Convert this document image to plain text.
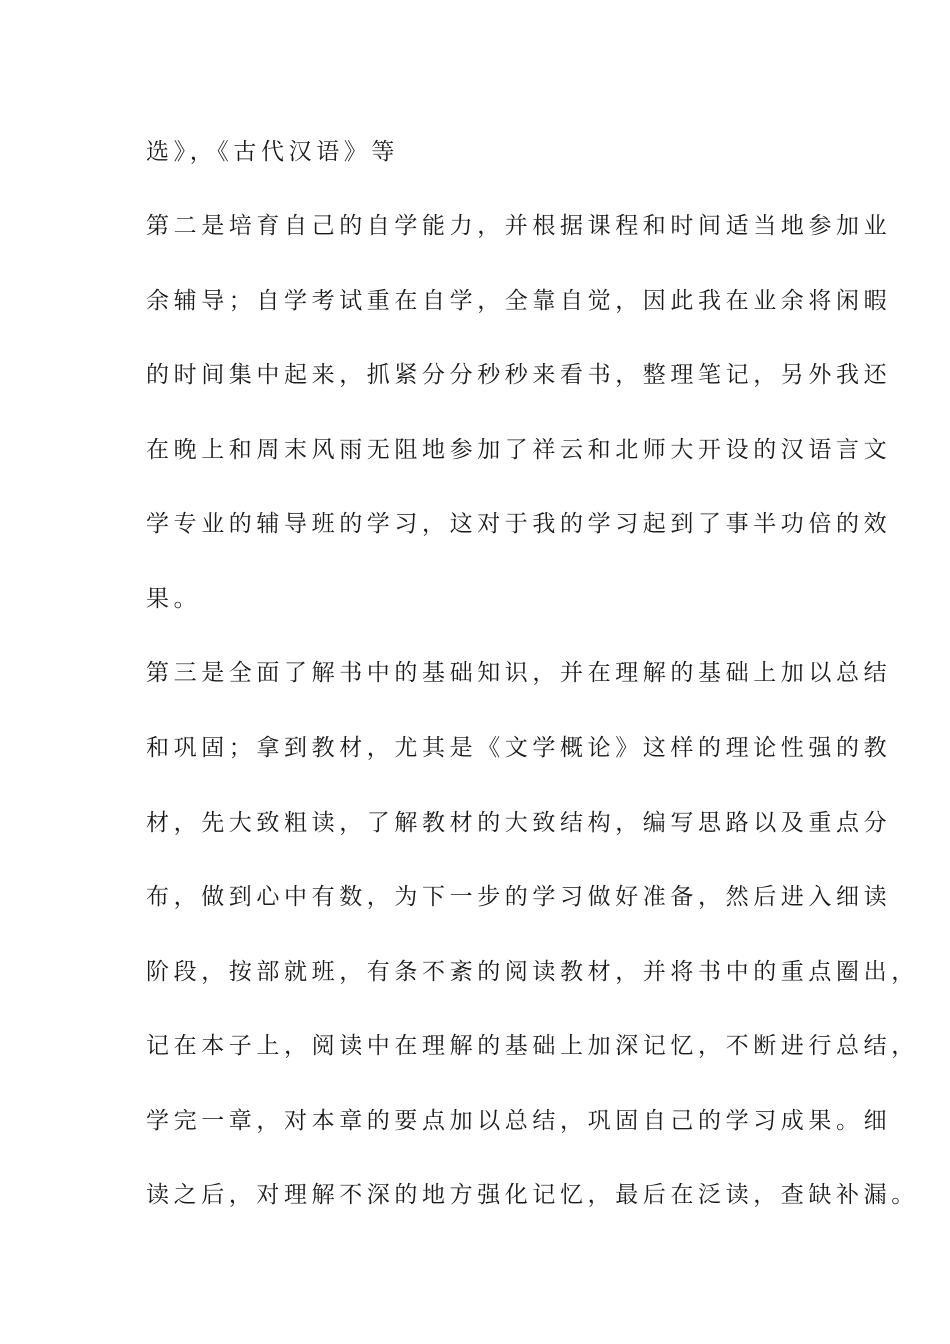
选》，《古代汉语》等
第二是培育自己的自学能力，并根据课程和时间适当地参加业
余辅导；自学考试重在自学，全靠自觉，因此我在业余将闲暇
的时间集中起来，抓紧分分秒秒来看书，整理笔记，另外我还
在晚上和周末风雨无阻地参加了祥云和北师大开设的汉语言文
学专业的辅导班的学习，这对于我的学习起到了事半功倍的效
果。
第三是全面了解书中的基础知识，并在理解的基础上加以总结
和巩固；拿到教材，尤其是《文学概论》这样的理论性强的教
材，先大致粗读，了解教材的大致结构，编写思路以及重点分
布，做到心中有数，为下一步的学习做好准备，然后进入细读
阶段，按部就班，有条不紊的阅读教材，并将书中的重点圈出，
记在本子上，阅读中在理解的基础上加深记忆，不断进行总结，
学完一章，对本章的要点加以总结，巩固自己的学习成果。细
读之后，对理解不深的地方强化记忆，最后在泛读，查缺补漏。
